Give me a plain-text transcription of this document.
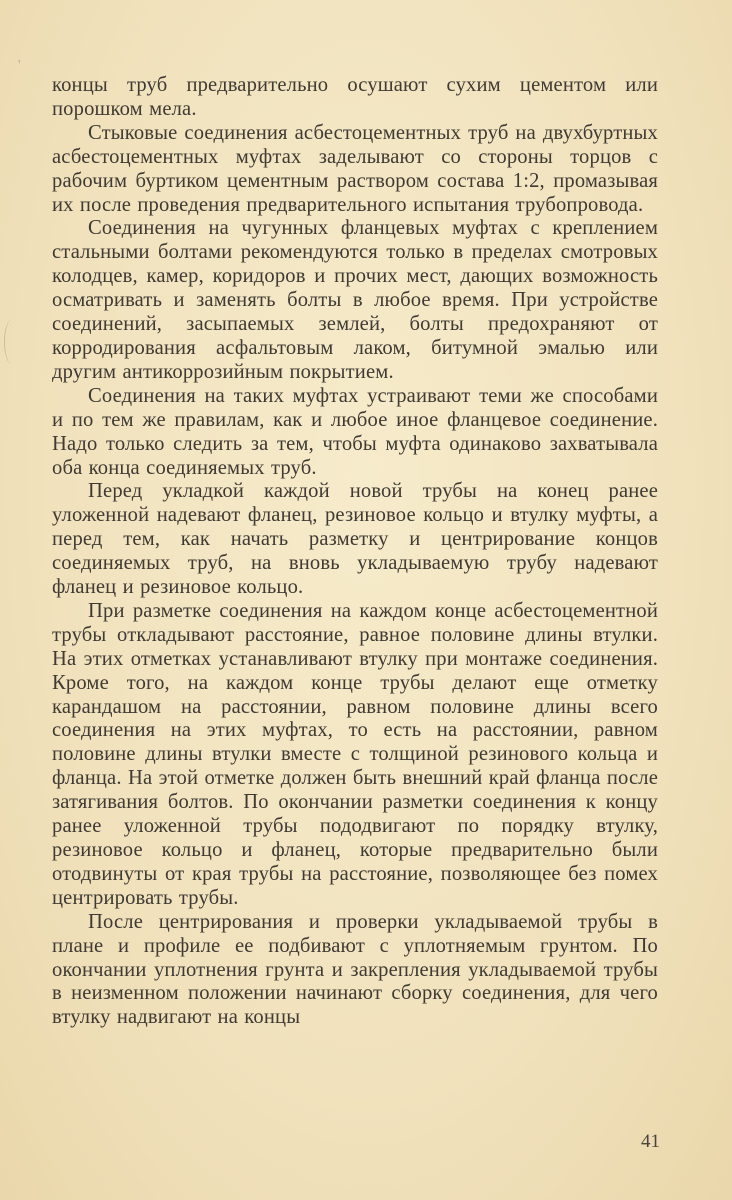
'

концы труб предварительно осушают сухим цементом или порошком мела.

Стыковые соединения асбестоцементных труб на двухбуртных асбестоцементных муфтах заделывают со стороны торцов с рабочим буртиком цементным раствором состава 1:2, промазывая их после проведения предварительного испытания трубопровода.

Соединения на чугунных фланцевых муфтах с креплением стальными болтами рекомендуются только в пределах смотровых колодцев, камер, коридоров и прочих мест, дающих возможность осматривать и заменять болты в любое время. При устройстве соединений, засыпаемых землей, болты предохраняют от корродирования асфальтовым лаком, битумной эмалью или другим антикоррозийным покрытием.

Соединения на таких муфтах устраивают теми же способами и по тем же правилам, как и любое иное фланцевое соединение. Надо только следить за тем, чтобы муфта одинаково захватывала оба конца соединяемых труб.

Перед укладкой каждой новой трубы на конец ранее уложенной надевают фланец, резиновое кольцо и втулку муфты, а перед тем, как начать разметку и центрирование концов соединяемых труб, на вновь укладываемую трубу надевают фланец и резиновое кольцо.

При разметке соединения на каждом конце асбестоцементной трубы откладывают расстояние, равное половине длины втулки. На этих отметках устанавливают втулку при монтаже соединения. Кроме того, на каждом конце трубы делают еще отметку карандашом на расстоянии, равном половине длины всего соединения на этих муфтах, то есть на расстоянии, равном половине длины втулки вместе с толщиной резинового кольца и фланца. На этой отметке должен быть внешний край фланца после затягивания болтов. По окончании разметки соединения к концу ранее уложенной трубы пододвигают по порядку втулку, резиновое кольцо и фланец, которые предварительно были отодвинуты от края трубы на расстояние, позволяющее без помех центрировать трубы.

После центрирования и проверки укладываемой трубы в плане и профиле ее подбивают с уплотняемым грунтом. По окончании уплотнения грунта и закрепления укладываемой трубы в неизменном положении начинают сборку соединения, для чего втулку надвигают на концы

41
